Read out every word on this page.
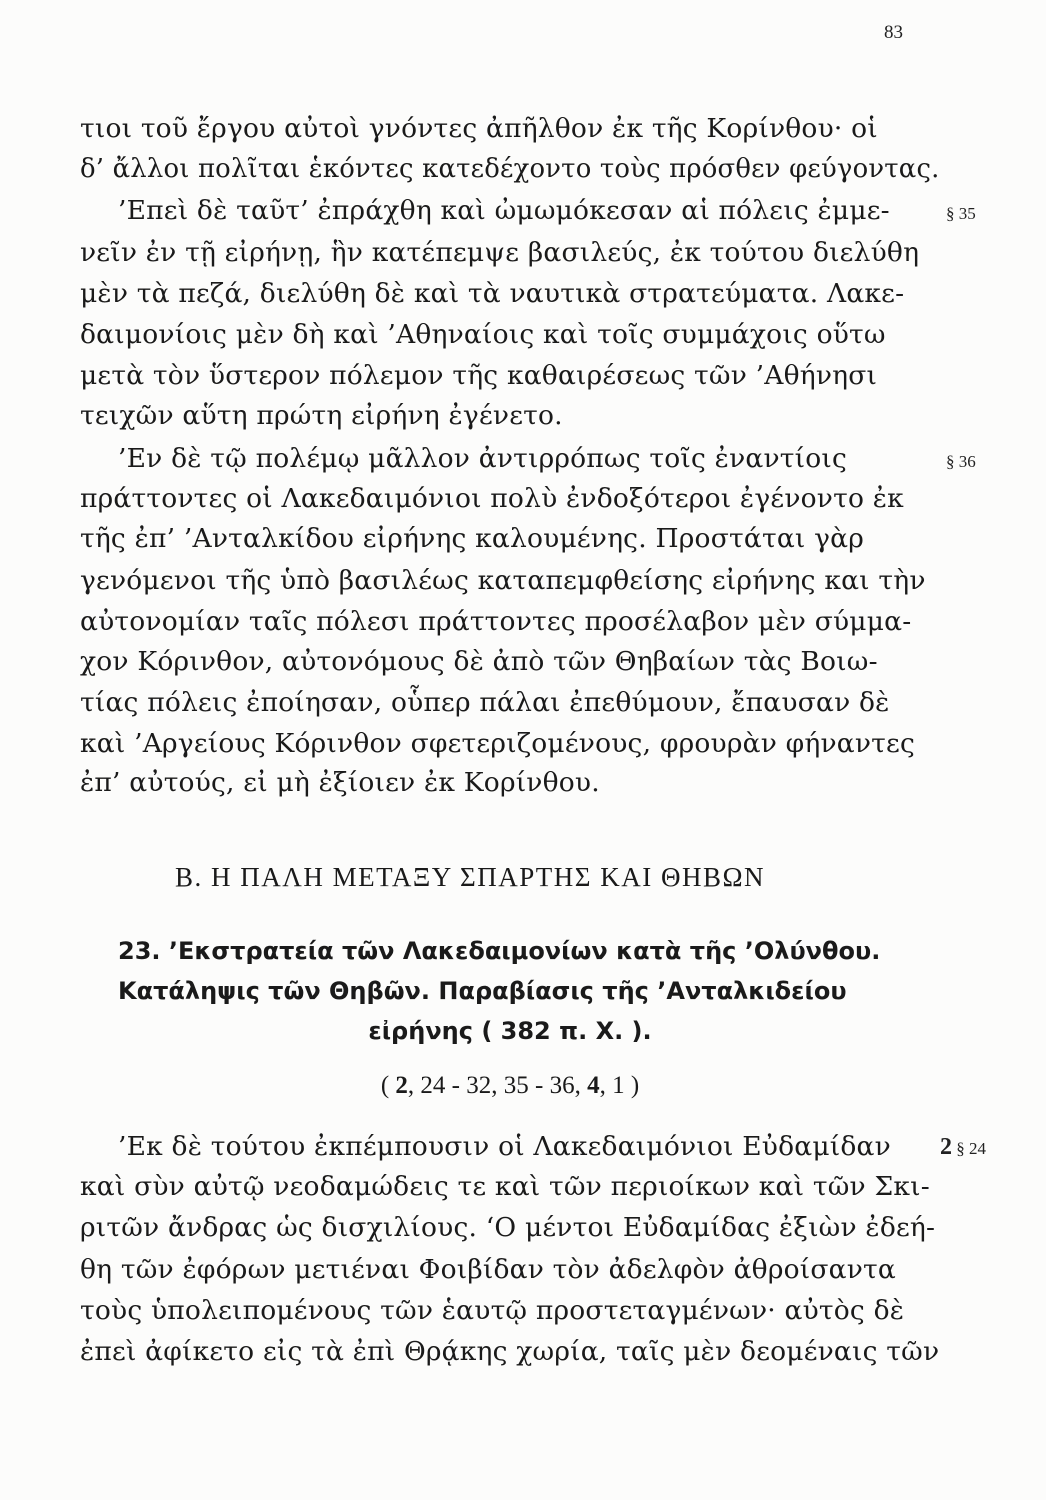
83
τιοι τοῦ ἔργου αὐτοὶ γνόντες ἀπῆλθον ἐκ τῆς Κορίνθου· οἱ
δ’ ἄλλοι πολῖται ἑκόντες κατεδέχοντο τοὺς πρόσθεν φεύγοντας.
’Επεὶ δὲ ταῦτ’ ἐπράχθη καὶ ὠμωμόκεσαν αἱ πόλεις ἐμμε-	§ 35
νεῖν ἐν τῇ εἰρήνῃ, ἣν κατέπεμψε βασιλεύς, ἐκ τούτου διελύθη
μὲν τὰ πεζά, διελύθη δὲ καὶ τὰ ναυτικὰ στρατεύματα. Λακε-
δαιμονίοις μὲν δὴ καὶ ’Αθηναίοις καὶ τοῖς συμμάχοις οὕτω
μετὰ τὸν ὕστερον πόλεμον τῆς καθαιρέσεως τῶν ’Αθήνησι
τειχῶν αὕτη πρώτη εἰρήνη ἐγένετο.
’Εν δὲ τῷ πολέμῳ μᾶλλον ἀντιρρόπως τοῖς ἐναντίοις	§ 36
πράττοντες οἱ Λακεδαιμόνιοι πολὺ ἐνδοξότεροι ἐγένοντο ἐκ
τῆς ἐπ’ ’Ανταλκίδου εἰρήνης καλουμένης. Προστάται γὰρ
γενόμενοι τῆς ὑπὸ βασιλέως καταπεμφθείσης εἰρήνης και τὴν
αὐτονομίαν ταῖς πόλεσι πράττοντες προσέλαβον μὲν σύμμα-
χον Κόρινθον, αὐτονόμους δὲ ἀπὸ τῶν Θηβαίων τὰς Βοιω-
τίας πόλεις ἐποίησαν, οὗπερ πάλαι ἐπεθύμουν, ἔπαυσαν δὲ
καὶ ’Αργείους Κόρινθον σφετεριζομένους, φρουρὰν φήναντες
ἐπ’ αὐτούς, εἰ μὴ ἐξίοιεν ἐκ Κορίνθου.
Β. Η ΠΑΛΗ ΜΕΤΑΞΥ ΣΠΑΡΤΗΣ ΚΑΙ ΘΗΒΩΝ
23. ’Εκστρατεία τῶν Λακεδαιμονίων κατὰ τῆς ’Ολύνθου.
Κατάληψις τῶν Θηβῶν. Παραβίασις τῆς ’Ανταλκιδείου
εἰρήνης ( 382 π. Χ. ).
( 2, 24 - 32, 35 - 36, 4, 1 )
’Εκ δὲ τούτου ἐκπέμπουσιν οἱ Λακεδαιμόνιοι Εὐδαμίδαν	2 § 24
καὶ σὺν αὐτῷ νεοδαμώδεις τε καὶ τῶν περιοίκων καὶ τῶν Σκι-
ριτῶν ἄνδρας ὡς δισχιλίους. ‘Ο μέντοι Εὐδαμίδας ἐξιὼν ἐδεή-
θη τῶν ἐφόρων μετιέναι Φοιβίδαν τὸν ἀδελφὸν ἀθροίσαντα
τοὺς ὑπολειπομένους τῶν ἑαυτῷ προστεταγμένων· αὐτὸς δὲ
ἐπεὶ ἀφίκετο εἰς τὰ ἐπὶ Θρᾴκης χωρία, ταῖς μὲν δεομέναις τῶν
